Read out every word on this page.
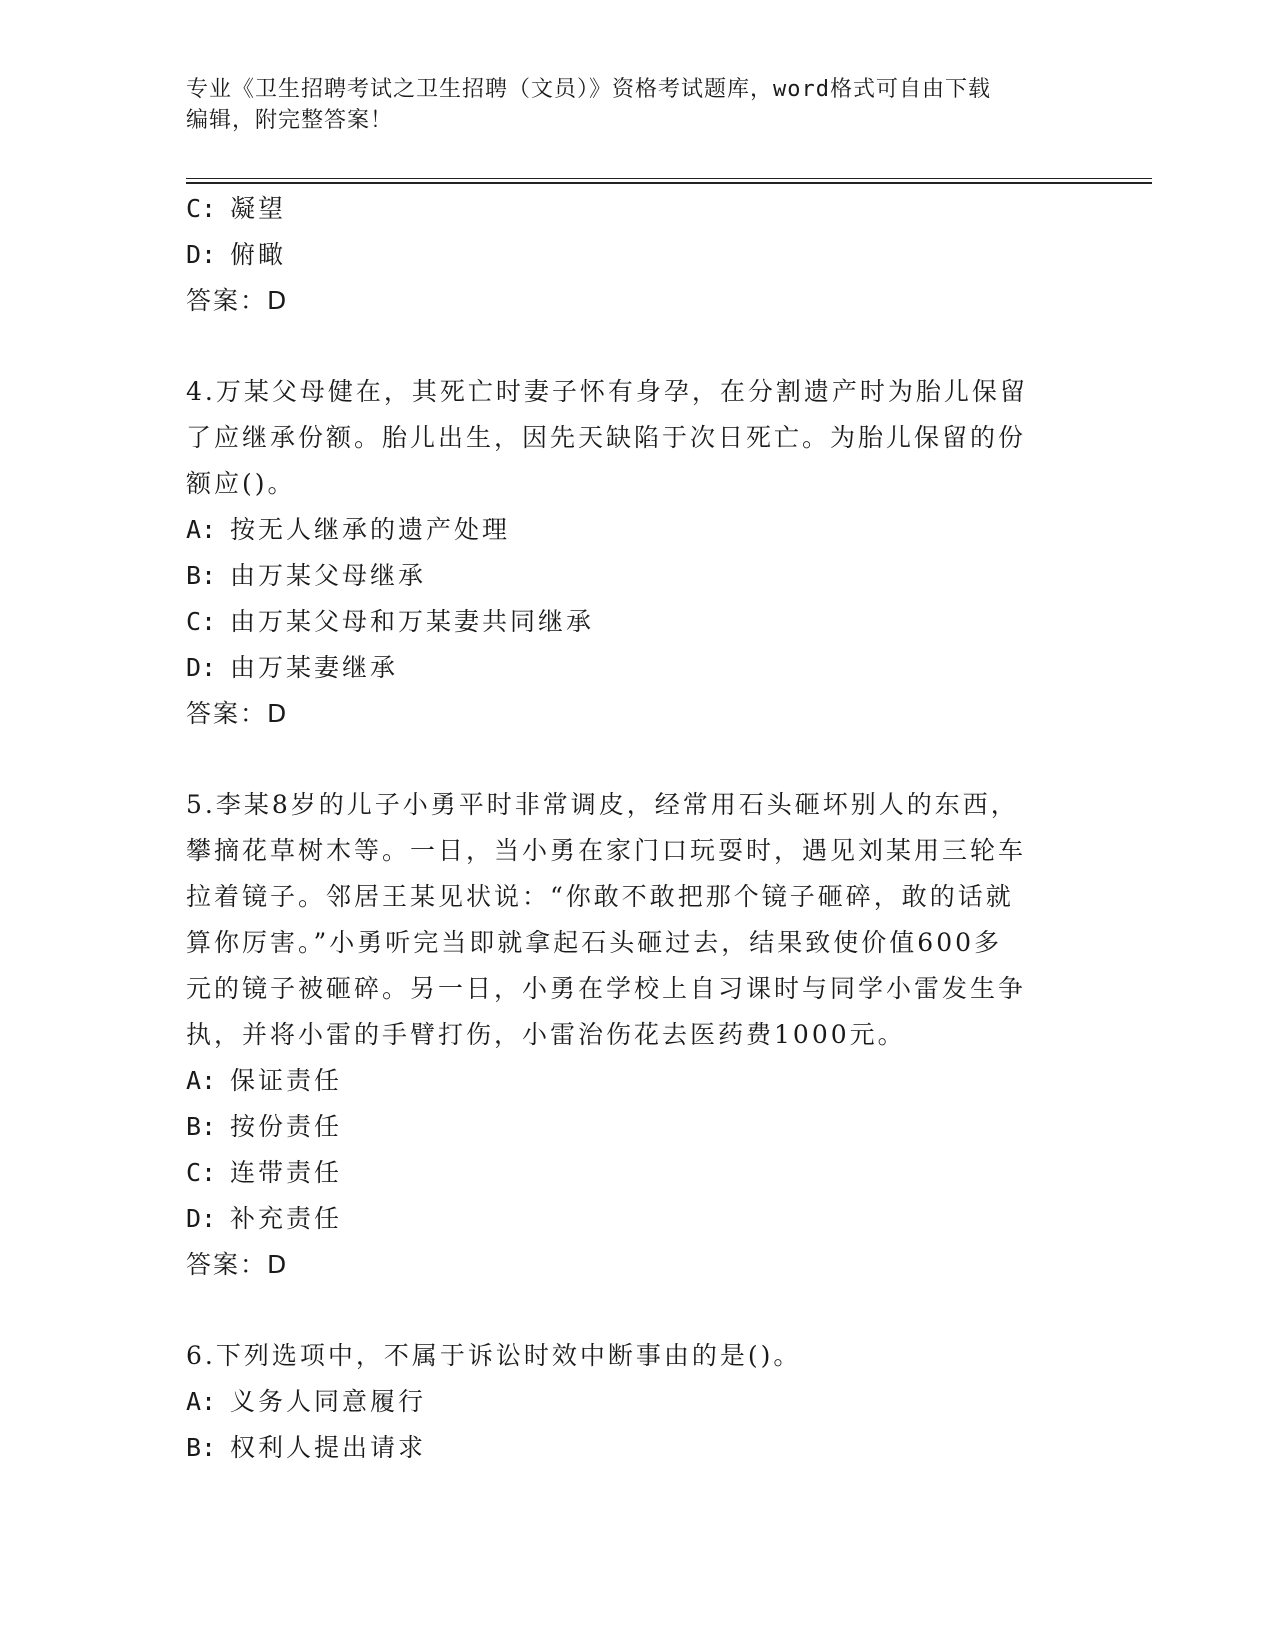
专业《卫生招聘考试之卫生招聘（文员）》资格考试题库，word格式可自由下载
编辑，附完整答案！
C: 凝望
D: 俯瞰
答案：D
4.万某父母健在，其死亡时妻子怀有身孕，在分割遗产时为胎儿保留
了应继承份额。胎儿出生，因先天缺陷于次日死亡。为胎儿保留的份
额应()。
A: 按无人继承的遗产处理
B: 由万某父母继承
C: 由万某父母和万某妻共同继承
D: 由万某妻继承
答案：D
5.李某8岁的儿子小勇平时非常调皮，经常用石头砸坏别人的东西，
攀摘花草树木等。一日，当小勇在家门口玩耍时，遇见刘某用三轮车
拉着镜子。邻居王某见状说：“你敢不敢把那个镜子砸碎，敢的话就
算你厉害。”小勇听完当即就拿起石头砸过去，结果致使价值600多
元的镜子被砸碎。另一日，小勇在学校上自习课时与同学小雷发生争
执，并将小雷的手臂打伤，小雷治伤花去医药费1000元。
A: 保证责任
B: 按份责任
C: 连带责任
D: 补充责任
答案：D
6.下列选项中，不属于诉讼时效中断事由的是()。
A: 义务人同意履行
B: 权利人提出请求
